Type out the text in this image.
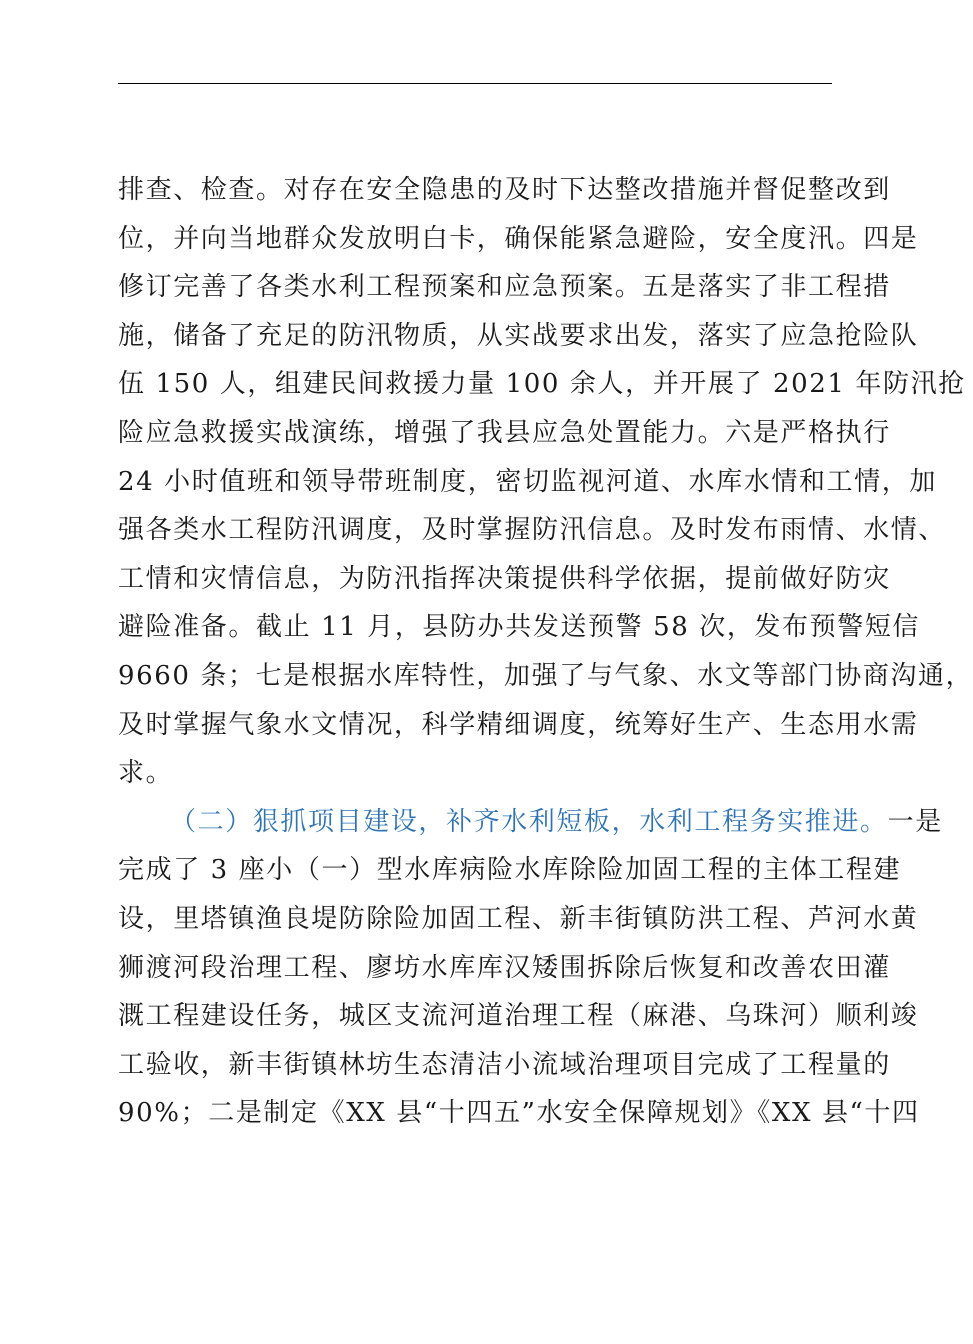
排查、检查。对存在安全隐患的及时下达整改措施并督促整改到
位，并向当地群众发放明白卡，确保能紧急避险，安全度汛。四是
修订完善了各类水利工程预案和应急预案。五是落实了非工程措
施，储备了充足的防汛物质，从实战要求出发，落实了应急抢险队
伍 150 人，组建民间救援力量 100 余人，并开展了 2021 年防汛抢
险应急救援实战演练，增强了我县应急处置能力。六是严格执行
24 小时值班和领导带班制度，密切监视河道、水库水情和工情，加
强各类水工程防汛调度，及时掌握防汛信息。及时发布雨情、水情、
工情和灾情信息，为防汛指挥决策提供科学依据，提前做好防灾
避险准备。截止 11 月，县防办共发送预警 58 次，发布预警短信
9660 条；七是根据水库特性，加强了与气象、水文等部门协商沟通，
及时掌握气象水文情况，科学精细调度，统筹好生产、生态用水需
求。
（二）狠抓项目建设，补齐水利短板，水利工程务实推进。一是
完成了 3 座小（一）型水库病险水库除险加固工程的主体工程建
设，里塔镇渔良堤防除险加固工程、新丰街镇防洪工程、芦河水黄
狮渡河段治理工程、廖坊水库库汉矮围拆除后恢复和改善农田灌
溉工程建设任务，城区支流河道治理工程（麻港、乌珠河）顺利竣
工验收，新丰街镇林坊生态清洁小流域治理项目完成了工程量的
90%；二是制定《XX 县“十四五”水安全保障规划》《XX 县“十四
